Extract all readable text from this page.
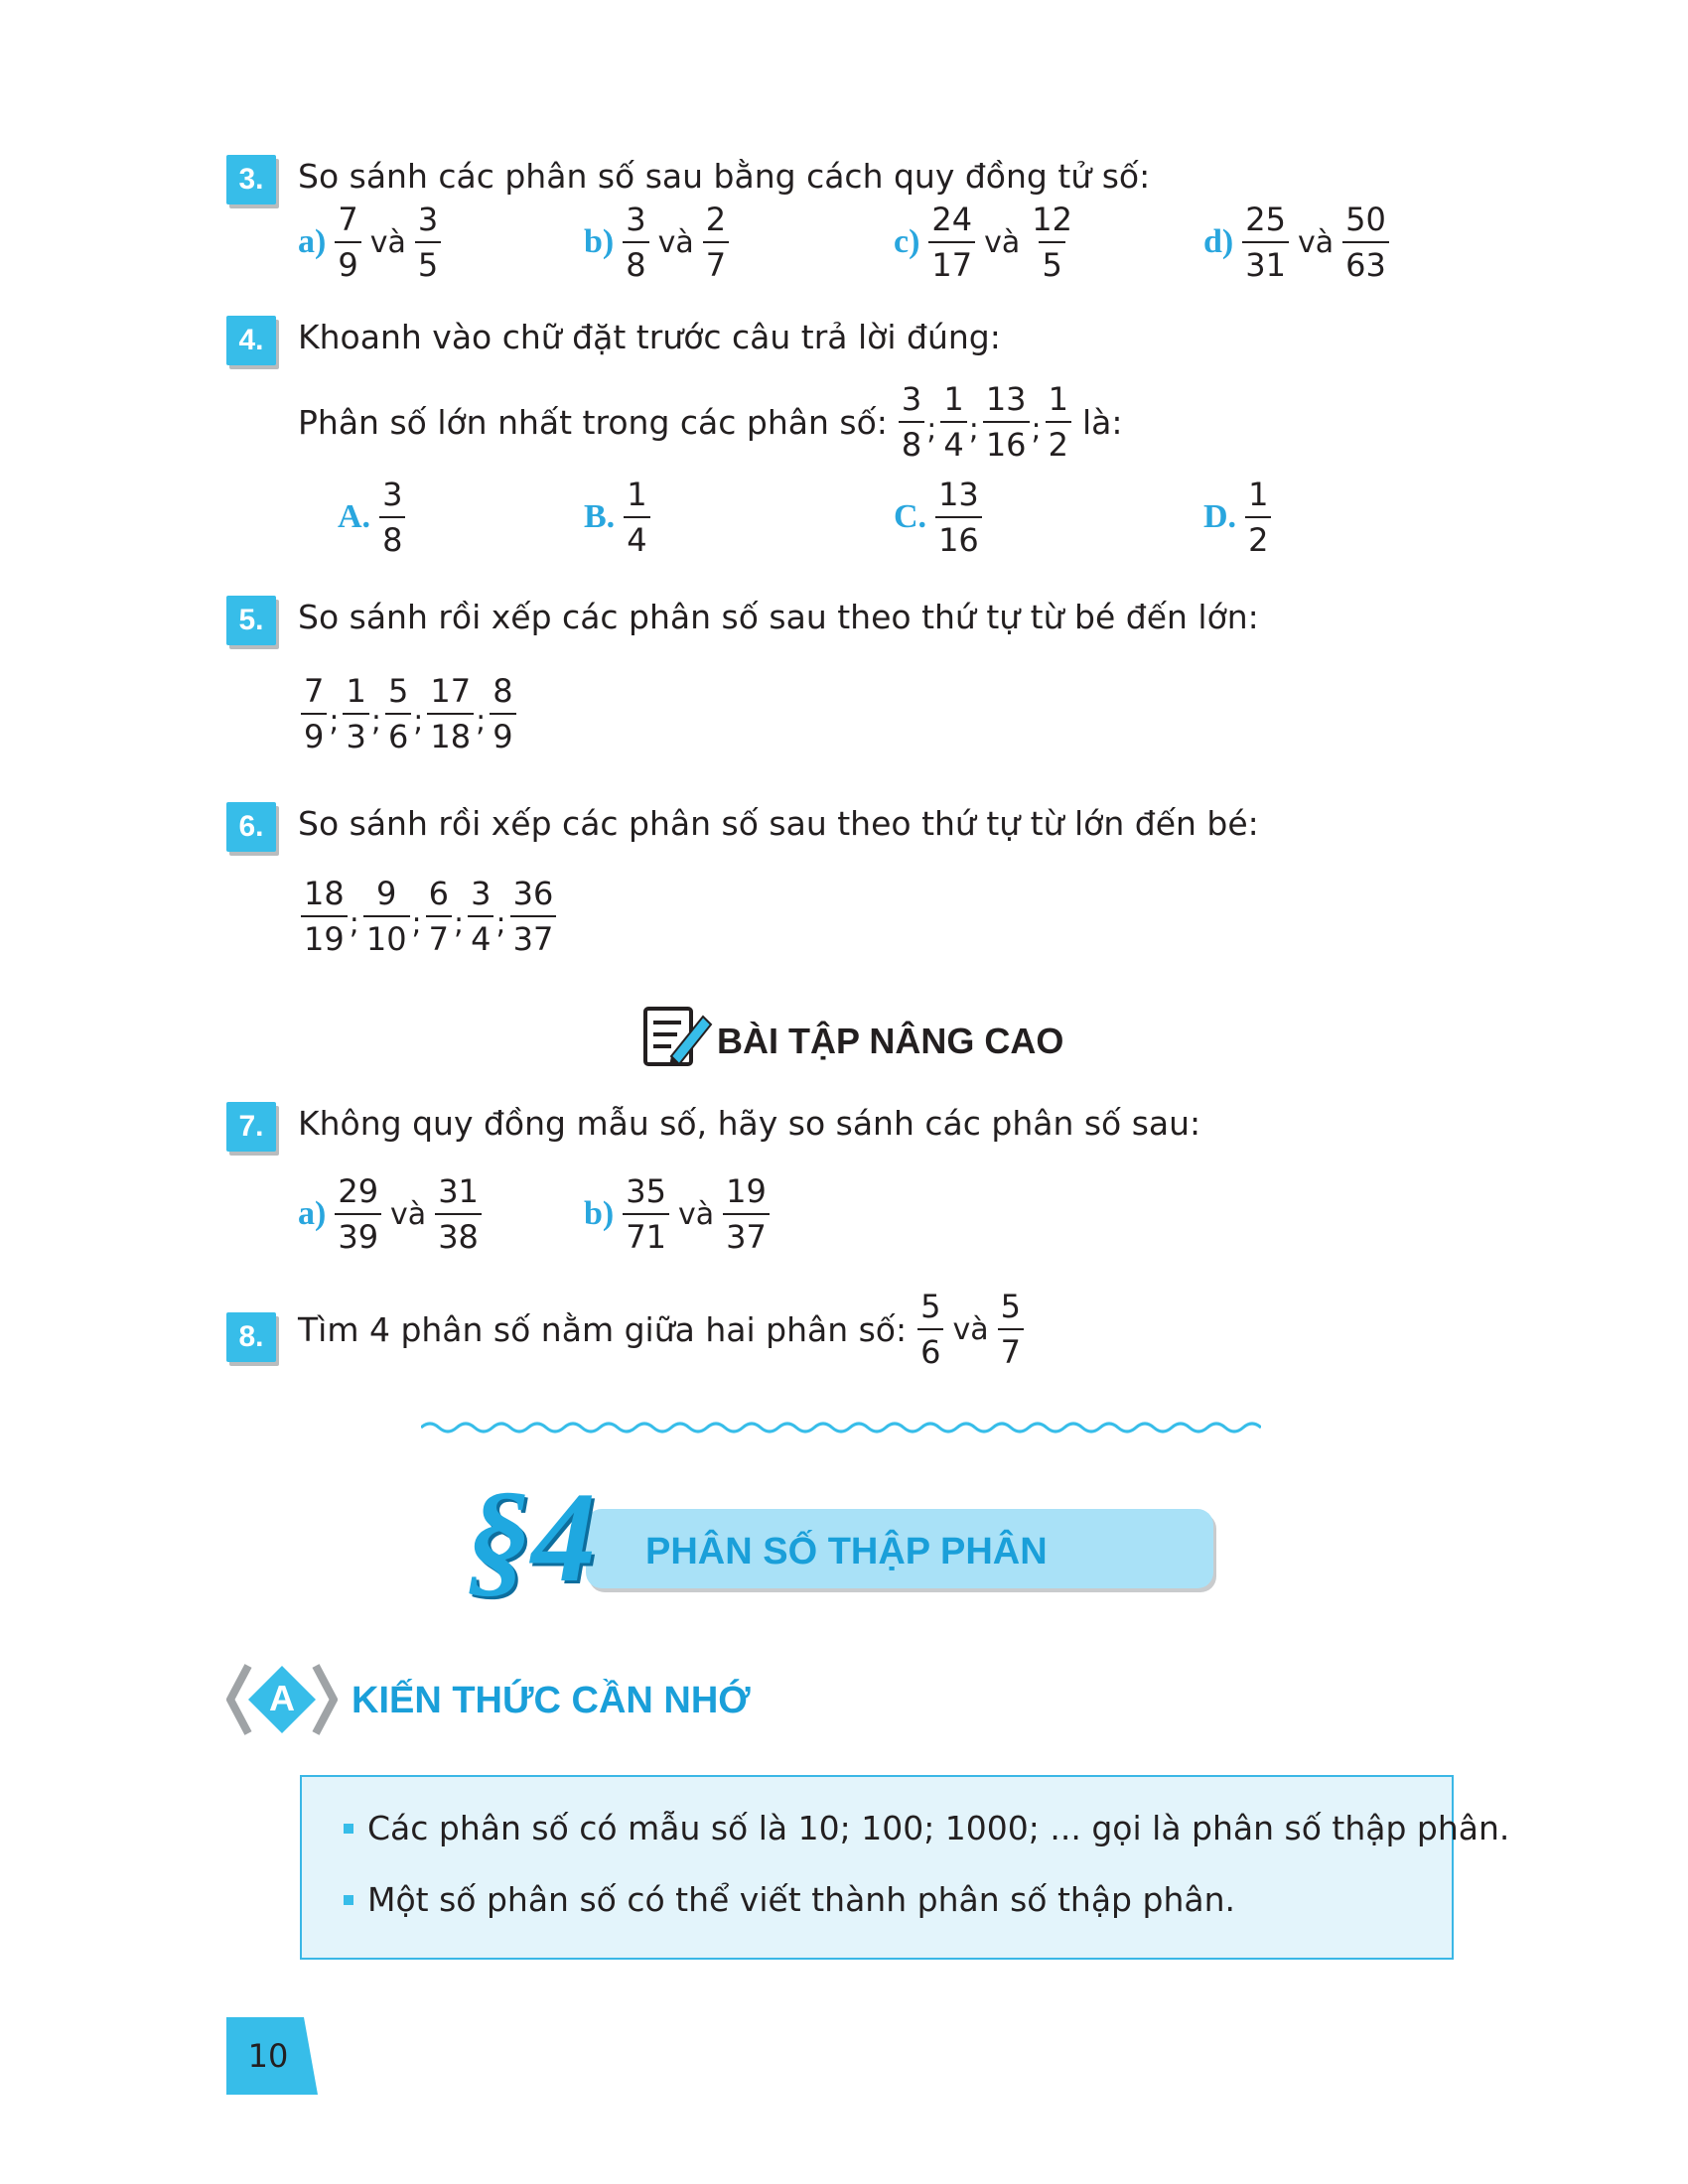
3.	So sánh các phân số sau bằng cách quy đồng tử số:
$a) \frac{7}{9}$ và $\frac{3}{5}$	$b) \frac{3}{8}$ và $\frac{2}{7}$	$c) \frac{24}{17}$ và $\frac{12}{5}$	$d) \frac{25}{31}$ và $\frac{50}{63}$
4.	Khoanh vào chữ đặt trước câu trả lời đúng:
Phân số lớn nhất trong các phân số: $\frac{3}{8}$ ; $\frac{1}{4}$ ; $\frac{13}{16}$ ; $\frac{1}{2}$ là:
A. $\frac{3}{8}$	B. $\frac{1}{4}$	C. $\frac{13}{16}$	D. $\frac{1}{2}$
5.	So sánh rồi xếp các phân số sau theo thứ tự từ bé đến lớn:
$\frac{7}{9}$ ; $\frac{1}{3}$ ; $\frac{5}{6}$ ; $\frac{17}{18}$ ; $\frac{8}{9}$
6.	So sánh rồi xếp các phân số sau theo thứ tự từ lớn đến bé:
$\frac{18}{19}$ ; $\frac{9}{10}$ ; $\frac{6}{7}$ ; $\frac{3}{4}$ ; $\frac{36}{37}$
BÀI TẬP NÂNG CAO
7.	Không quy đồng mẫu số, hãy so sánh các phân số sau:
$a) \frac{29}{39}$ và $\frac{31}{38}$	$b) \frac{35}{71}$ và $\frac{19}{37}$
8.	Tìm 4 phân số nằm giữa hai phân số: $\frac{5}{6}$ và $\frac{5}{7}$
§4 PHÂN SỐ THẬP PHÂN
A	KIẾN THỨC CẦN NHỚ
Các phân số có mẫu số là 10; 100; 1000; ... gọi là phân số thập phân.
Một số phân số có thể viết thành phân số thập phân.
10
